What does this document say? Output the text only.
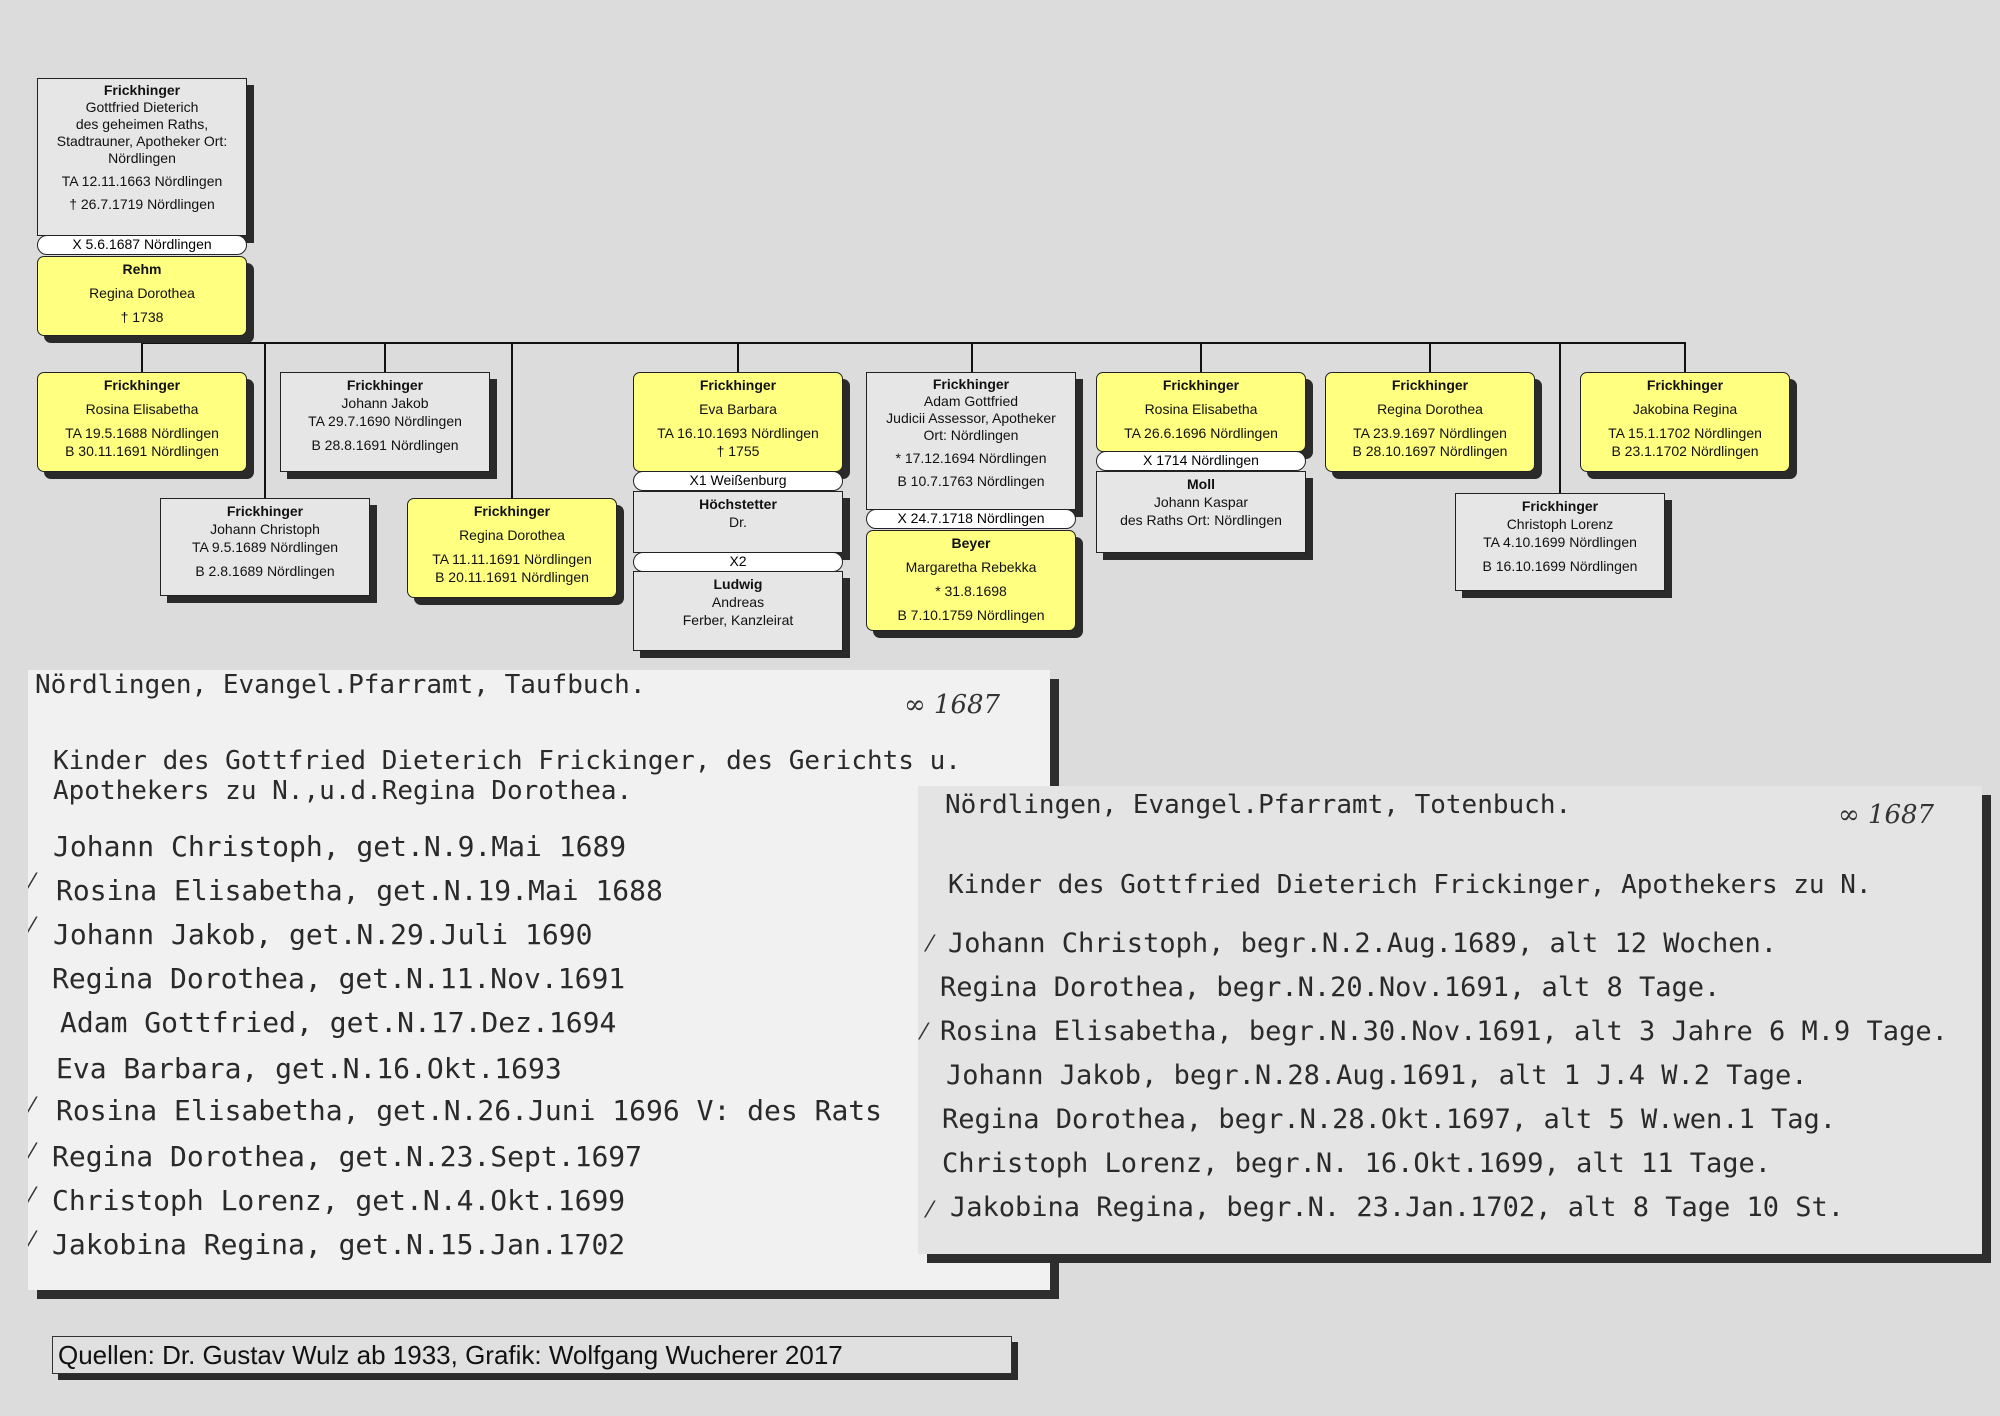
Frickhinger
Gottfried Dieterich
des geheimen Raths,
Stadtrauner, Apotheker Ort:
Nördlingen
TA 12.11.1663 Nördlingen
† 26.7.1719 Nördlingen
X 5.6.1687 Nördlingen
Rehm
Regina Dorothea
† 1738
Frickhinger
Rosina Elisabetha
TA 19.5.1688 Nördlingen
B 30.11.1691 Nördlingen
Frickhinger
Johann Christoph
TA 9.5.1689 Nördlingen
B 2.8.1689 Nördlingen
Frickhinger
Johann Jakob
TA 29.7.1690 Nördlingen
B 28.8.1691 Nördlingen
Frickhinger
Regina Dorothea
TA 11.11.1691 Nördlingen
B 20.11.1691 Nördlingen
Frickhinger
Eva Barbara
TA 16.10.1693 Nördlingen
† 1755
X1 Weißenburg
Höchstetter
Dr.
X2
Ludwig
Andreas
Ferber, Kanzleirat
Frickhinger
Adam Gottfried
Judicii Assessor, Apotheker
Ort: Nördlingen
* 17.12.1694 Nördlingen
B 10.7.1763 Nördlingen
X 24.7.1718 Nördlingen
Beyer
Margaretha Rebekka
* 31.8.1698
B 7.10.1759 Nördlingen
Frickhinger
Rosina Elisabetha
TA 26.6.1696 Nördlingen
X 1714 Nördlingen
Moll
Johann Kaspar
des Raths Ort: Nördlingen
Frickhinger
Regina Dorothea
TA 23.9.1697 Nördlingen
B 28.10.1697 Nördlingen
Frickhinger
Christoph Lorenz
TA 4.10.1699 Nördlingen
B 16.10.1699 Nördlingen
Frickhinger
Jakobina Regina
TA 15.1.1702 Nördlingen
B 23.1.1702 Nördlingen
Nördlingen, Evangel.Pfarramt, Taufbuch.
∞ 1687
Kinder des Gottfried Dieterich Frickinger, des Gerichts u.
Apothekers zu N.,u.d.Regina Dorothea.
Johann Christoph, get.N.9.Mai 1689
Rosina Elisabetha, get.N.19.Mai 1688
Johann Jakob, get.N.29.Juli 1690
Regina Dorothea, get.N.11.Nov.1691
Adam Gottfried, get.N.17.Dez.1694
Eva Barbara, get.N.16.Okt.1693
Rosina Elisabetha, get.N.26.Juni 1696 V: des Rats
Regina Dorothea, get.N.23.Sept.1697
Christoph Lorenz, get.N.4.Okt.1699
Jakobina Regina, get.N.15.Jan.1702
⁄
⁄
⁄
⁄
⁄
⁄
Nördlingen, Evangel.Pfarramt, Totenbuch.	∞ 1687
Kinder des Gottfried Dieterich Frickinger, Apothekers zu N.
Johann Christoph, begr.N.2.Aug.1689, alt 12 Wochen.
Regina Dorothea, begr.N.20.Nov.1691, alt 8 Tage.
Rosina Elisabetha, begr.N.30.Nov.1691, alt 3 Jahre 6 M.9 Tage.
Johann Jakob, begr.N.28.Aug.1691, alt 1 J.4 W.2 Tage.
Regina Dorothea, begr.N.28.Okt.1697, alt 5 W.wen.1 Tag.
Christoph Lorenz, begr.N. 16.Okt.1699, alt 11 Tage.
Jakobina Regina, begr.N. 23.Jan.1702, alt 8 Tage 10 St.
⁄
⁄
⁄
Quellen: Dr. Gustav Wulz ab 1933, Grafik: Wolfgang Wucherer 2017
